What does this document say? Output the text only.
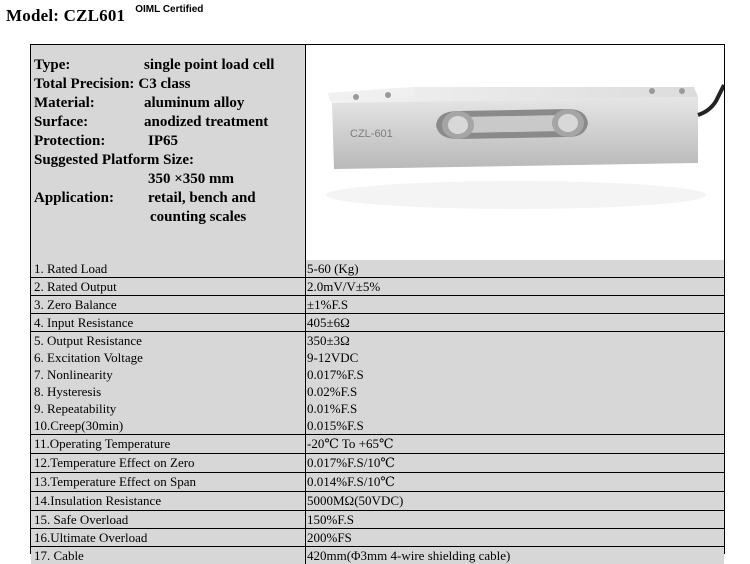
Model: CZL601 OIML Certified
Type:	single point load cell
Total Precision: C3 class
Material:	aluminum alloy
Surface:	anodized treatment
Protection:	IP65
Suggested Platform Size:
350 ×350 mm
Application:	retail, bench and
counting scales
CZL-601
1. Rated Load	5-60 (Kg)
2. Rated Output	2.0mV/V±5%
3. Zero Balance	±1%F.S
4. Input Resistance	405±6Ω
5. Output Resistance	350±3Ω
6. Excitation Voltage	9-12VDC
7. Nonlinearity	0.017%F.S
8. Hysteresis	0.02%F.S
9. Repeatability	0.01%F.S
10.Creep(30min)	0.015%F.S
11.Operating Temperature	-20℃ To +65℃
12.Temperature Effect on Zero	0.017%F.S/10℃
13.Temperature Effect on Span	0.014%F.S/10℃
14.Insulation Resistance	5000MΩ(50VDC)
15. Safe Overload	150%F.S
16.Ultimate Overload	200%FS
17. Cable	420mm(Φ3mm 4-wire shielding cable)
